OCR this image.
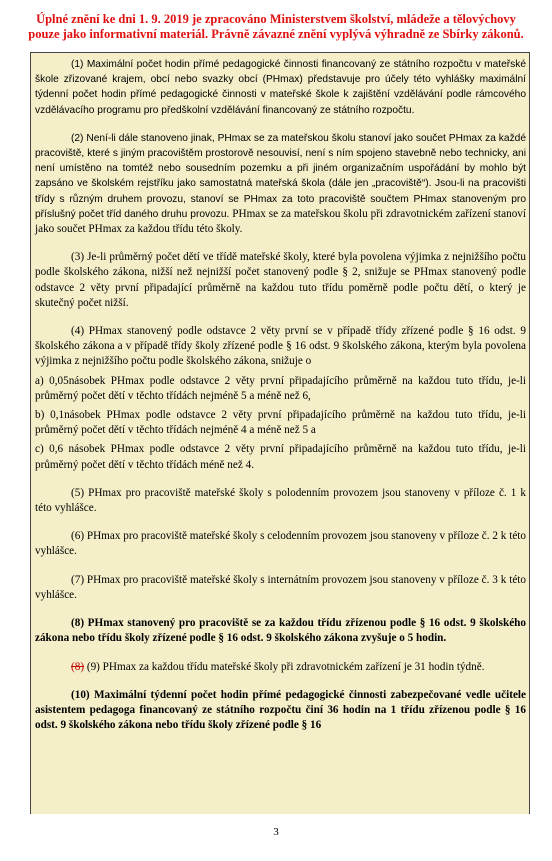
Úplné znění ke dni 1. 9. 2019 je zpracováno Ministerstvem školství, mládeže a tělovýchovy pouze jako informativní materiál. Právně závazné znění vyplývá výhradně ze Sbírky zákonů.

(1) Maximální počet hodin přímé pedagogické činnosti financovaný ze státního rozpočtu v mateřské škole zřizované krajem, obcí nebo svazky obcí (PHmax) představuje pro účely této vyhlášky maximální týdenní počet hodin přímé pedagogické činnosti v mateřské škole k zajištění vzdělávání podle rámcového vzdělávacího programu pro předškolní vzdělávání financovaný ze státního rozpočtu.

(2) Není-li dále stanoveno jinak, PHmax se za mateřskou školu stanoví jako součet PHmax za každé pracoviště, které s jiným pracovištěm prostorově nesouvisí, není s ním spojeno stavebně nebo technicky, ani není umístěno na tomtéž nebo sousedním pozemku a při jiném organizačním uspořádání by mohlo být zapsáno ve školském rejstříku jako samostatná mateřská škola (dále jen „pracoviště“). Jsou-li na pracovišti třídy s různým druhem provozu, stanoví se PHmax za toto pracoviště součtem PHmax stanoveným pro příslušný počet tříd daného druhu provozu. PHmax se za mateřskou školu při zdravotnickém zařízení stanoví jako součet PHmax za každou třídu této školy.

(3) Je-li průměrný počet dětí ve třídě mateřské školy, které byla povolena výjimka z nejnižšího počtu podle školského zákona, nižší než nejnižší počet stanovený podle § 2, snižuje se PHmax stanovený podle odstavce 2 věty první připadající průměrně na každou tuto třídu poměrně podle počtu dětí, o který je skutečný počet nižší.

(4) PHmax stanovený podle odstavce 2 věty první se v případě třídy zřízené podle § 16 odst. 9 školského zákona a v případě třídy školy zřízené podle § 16 odst. 9 školského zákona, kterým byla povolena výjimka z nejnižšího počtu podle školského zákona, snižuje o

a) 0,05násobek PHmax podle odstavce 2 věty první připadajícího průměrně na každou tuto třídu, je-li průměrný počet dětí v těchto třídách nejméně 5 a méně než 6,

b) 0,1násobek PHmax podle odstavce 2 věty první připadajícího průměrně na každou tuto třídu, je-li průměrný počet dětí v těchto třídách nejméně 4 a méně než 5 a

c) 0,6 násobek PHmax podle odstavce 2 věty první připadajícího průměrně na každou tuto třídu, je-li průměrný počet dětí v těchto třídách méně než 4.

(5) PHmax pro pracoviště mateřské školy s polodenním provozem jsou stanoveny v příloze č. 1 k této vyhlášce.

(6) PHmax pro pracoviště mateřské školy s celodenním provozem jsou stanoveny v příloze č. 2 k této vyhlášce.

(7) PHmax pro pracoviště mateřské školy s internátním provozem jsou stanoveny v příloze č. 3 k této vyhlášce.

(8) PHmax stanovený pro pracoviště se za každou třídu zřízenou podle § 16 odst. 9 školského zákona nebo třídu školy zřízené podle § 16 odst. 9 školského zákona zvyšuje o 5 hodin.

(8) (9) PHmax za každou třídu mateřské školy při zdravotnickém zařízení je 31 hodin týdně.

(10) Maximální týdenní počet hodin přímé pedagogické činnosti zabezpečované vedle učitele asistentem pedagoga financovaný ze státního rozpočtu činí 36 hodin na 1 třídu zřízenou podle § 16 odst. 9 školského zákona nebo třídu školy zřízené podle § 16

3
